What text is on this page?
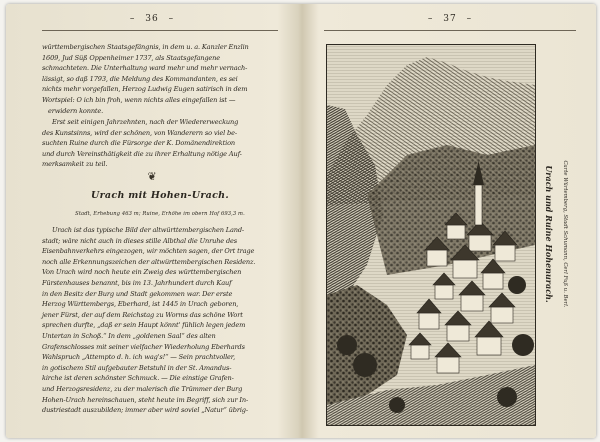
– 36 –

württembergischen Staatsgefängnis, in dem u. a. Kanzler Enzlin

1609, Jud Süß Oppenheimer 1737, als Staatsgefangene

schmachteten. Die Unterhaltung ward mehr und mehr vernach-

lässigt, so daß 1793, die Meldung des Kommandanten, es sei

nichts mehr vorgefallen, Herzog Ludwig Eugen satirisch in dem

Wortspiel: O ich bin froh, wenn nichts alles eingefallen ist —

erwidern konnte.

Erst seit einigen Jahrzehnten, nach der Wiedererweckung

des Kunstsinns, wird der schönen, von Wanderern so viel be-

suchten Ruine durch die Fürsorge der K. Domänendirektion

und durch Vereinsthätigkeit die zu ihrer Erhaltung nötige Auf-

merksamkeit zu teil.

❦
Urach mit Hohen-Urach.
Stadt, Erhebung 463 m; Ruine, Erhöhe im obern Hof 693,3 m.

Urach ist das typische Bild der altwürttembergischen Land-

stadt; wäre nicht auch in dieses stille Albthal die Unruhe des

Eisenbahnverkehrs eingezogen, wir möchten sagen, der Ort trage

noch alle Erkennungszeichen der altwürttembergischen Residenz.

Von Urach wird noch heute ein Zweig des württembergischen

Fürstenhauses benannt, bis im 13. Jahrhundert durch Kauf

in den Besitz der Burg und Stadt gekommen war. Der erste

Herzog Württembergs, Eberhard, ist 1445 in Urach geboren,

jener Fürst, der auf dem Reichstag zu Worms das schöne Wort

sprechen durfte, „daß er sein Haupt könnt' fühlich legen jedem

Untertan in Schoß.“ In dem „goldenen Saal“ des alten

Grafenschlosses mit seiner vielfacher Wiederholung Eberhards

Wahlspruch „Attempto d. h. ich wag's!“ — Sein prachtvoller,

in gotischem Stil aufgebauter Betstuhl in der St. Amandus-

kirche ist deren schönster Schmuck. — Die einstige Grafen-

und Herzogsresidenz, zu der malerisch die Trümmer der Burg

Hohen-Urach hereinschauen, steht heute im Begriff, sich zur In-

dustriestadt auszubilden; immer aber wird soviel „Natur“ übrig-

– 37 –
Urach und Ruine Hohenurach.	Carte Würtemberg, Stadt Schumann, Cerl Fuß u. Berl.
